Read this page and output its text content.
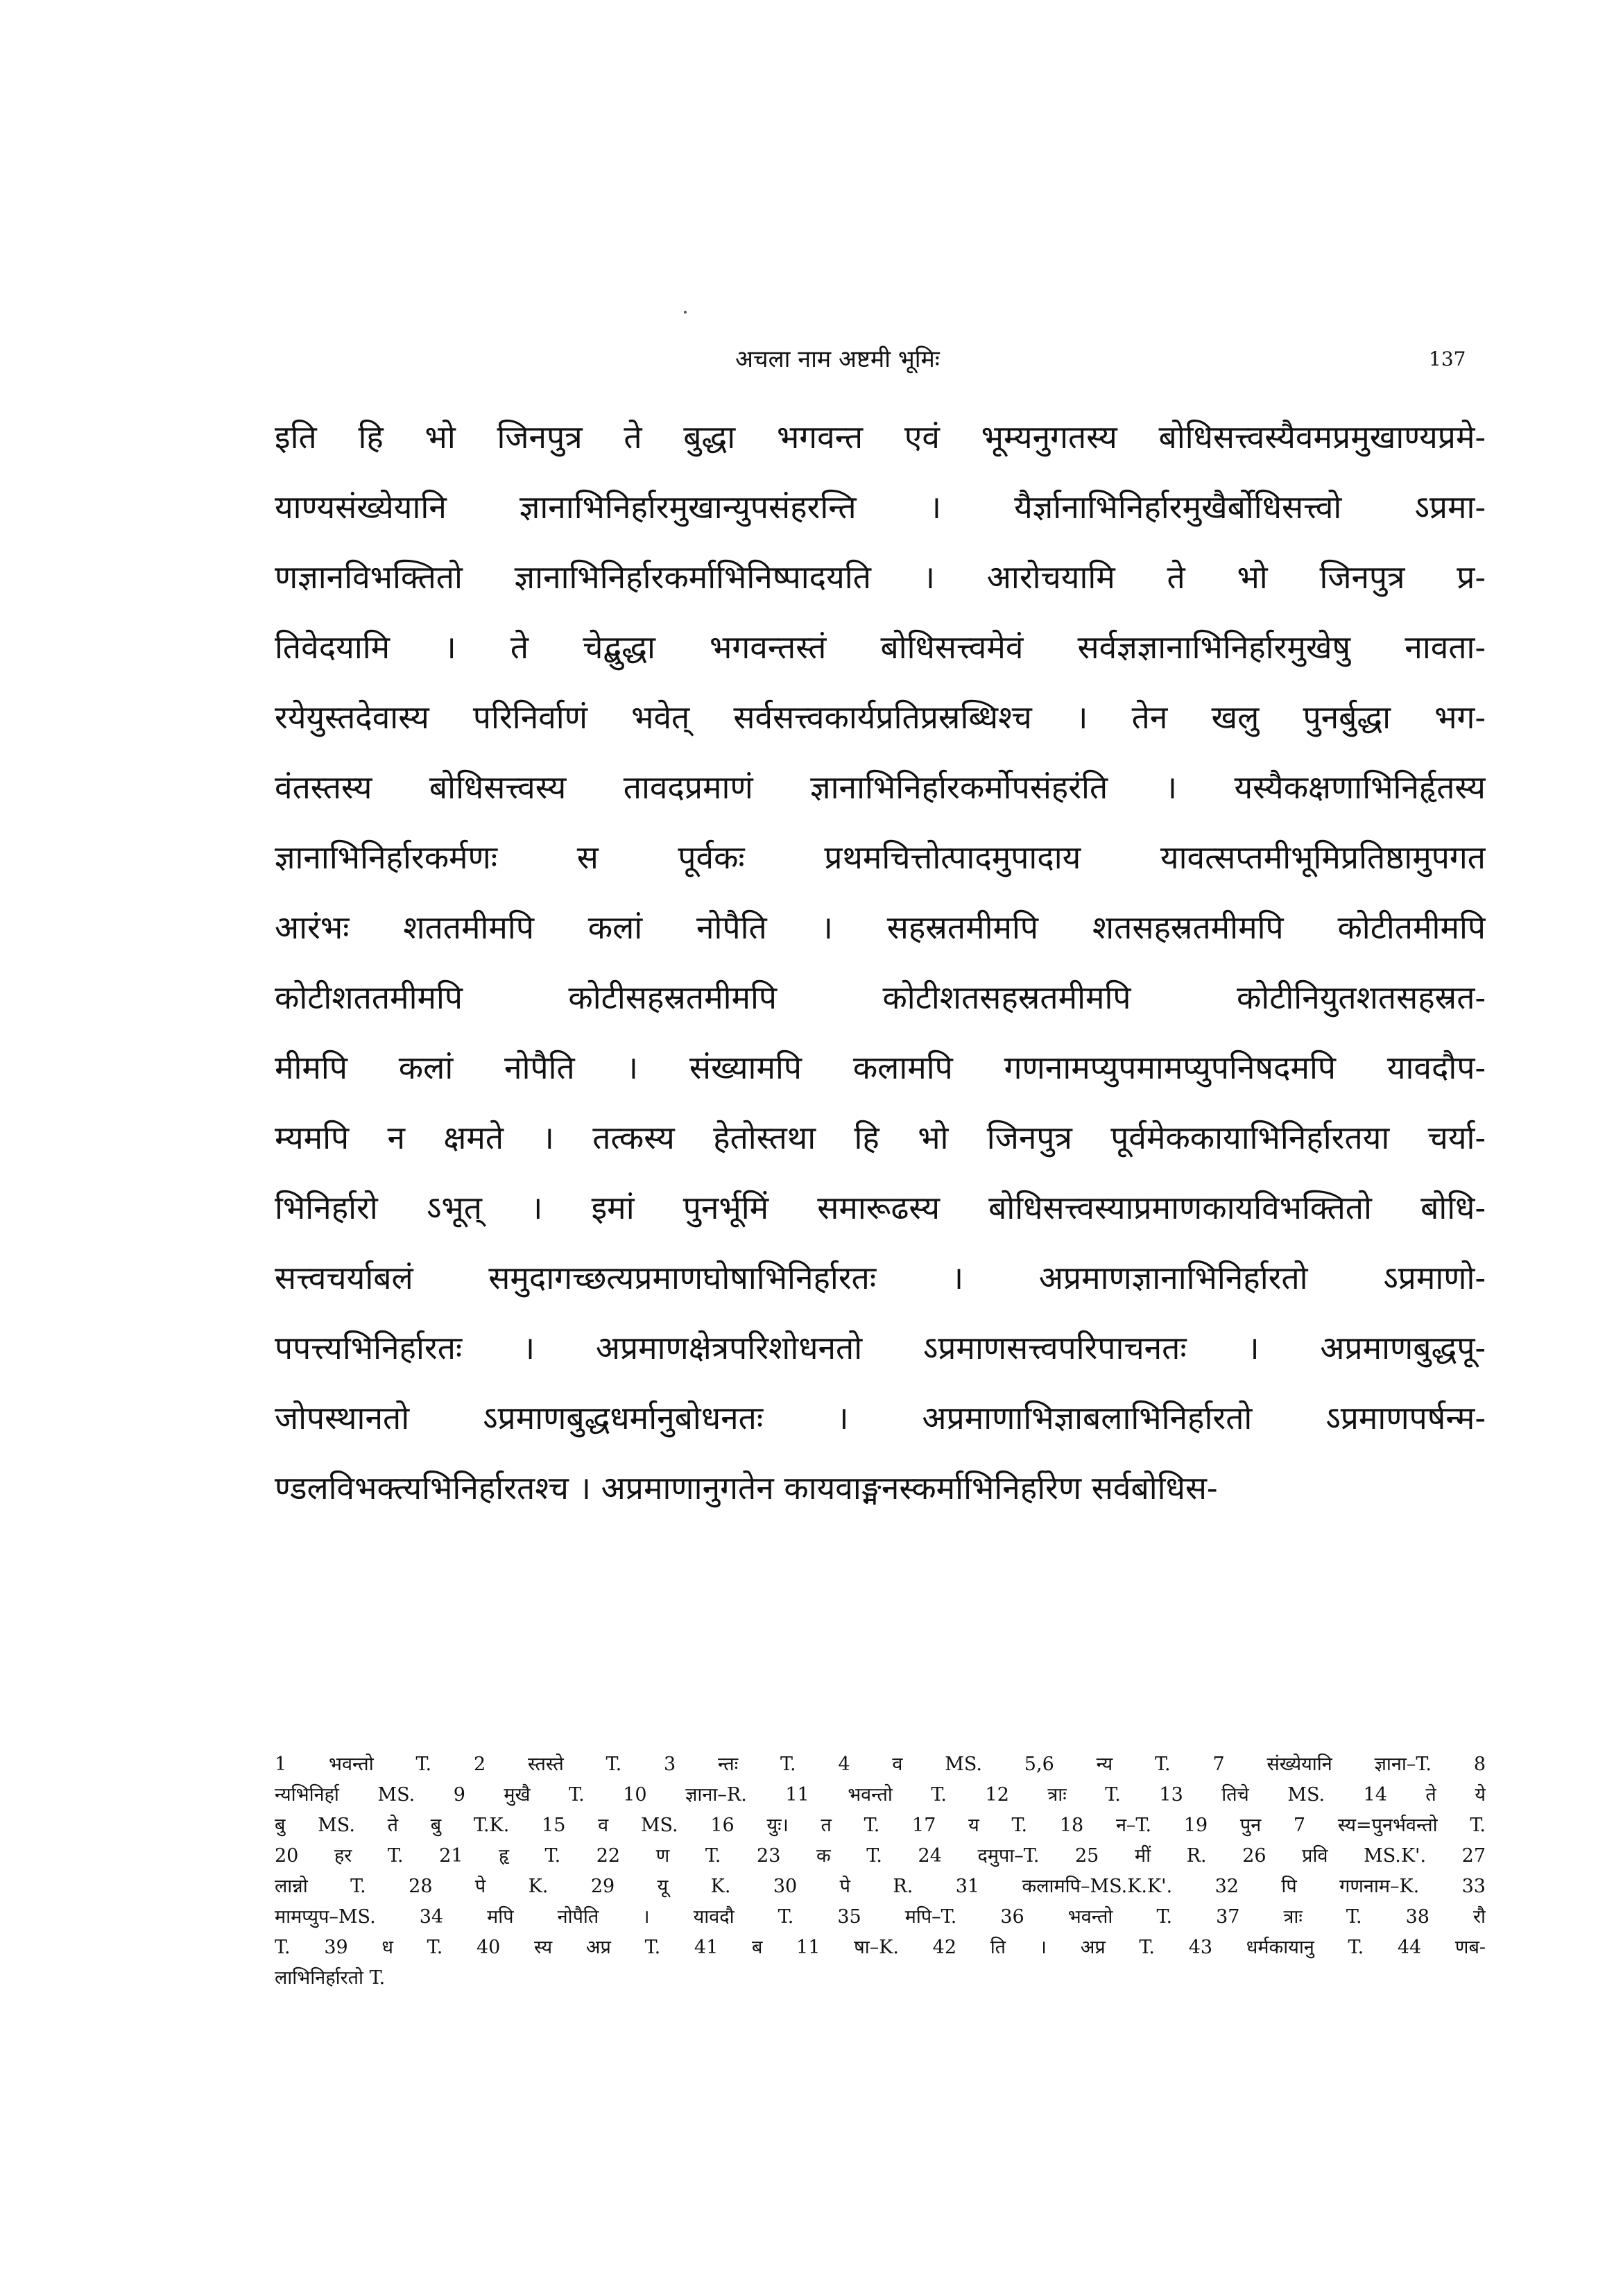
अचला नाम अष्टमी भूमिः	137
इति हि भो जिनपुत्र ते बुद्धा भगवन्त एवं भूम्यनुगतस्य बोधिसत्त्वस्यैवमप्रमुखाण्यप्रमे-
याण्यसंख्येयानि ज्ञानाभिनिर्हारमुखान्युपसंहरन्ति । यैर्ज्ञानाभिनिर्हारमुखैर्बोधिसत्त्वो ऽप्रमा-
णज्ञानविभक्तितो ज्ञानाभिनिर्हारकर्माभिनिष्पादयति । आरोचयामि ते भो जिनपुत्र प्र-
तिवेदयामि । ते चेद्बुद्धा भगवन्तस्तं बोधिसत्त्वमेवं सर्वज्ञज्ञानाभिनिर्हारमुखेषु नावता-
रयेयुस्तदेवास्य परिनिर्वाणं भवेत् सर्वसत्त्वकार्यप्रतिप्रस्रब्धिश्च । तेन खलु पुनर्बुद्धा भग-
वंतस्तस्य बोधिसत्त्वस्य तावदप्रमाणं ज्ञानाभिनिर्हारकर्मोपसंहरंति । यस्यैकक्षणाभिनिर्हृतस्य
ज्ञानाभिनिर्हारकर्मणः स पूर्वकः प्रथमचित्तोत्पादमुपादाय यावत्सप्तमीभूमिप्रतिष्ठामुपगत
आरंभः शततमीमपि कलां नोपैति । सहस्रतमीमपि शतसहस्रतमीमपि कोटीतमीमपि
कोटीशततमीमपि कोटीसहस्रतमीमपि कोटीशतसहस्रतमीमपि कोटीनियुतशतसहस्रत-
मीमपि कलां नोपैति । संख्यामपि कलामपि गणनामप्युपमामप्युपनिषदमपि यावदौप-
म्यमपि न क्षमते । तत्कस्य हेतोस्तथा हि भो जिनपुत्र पूर्वमेककायाभिनिर्हारतया चर्या-
भिनिर्हारो ऽभूत् । इमां पुनर्भूमिं समारूढस्य बोधिसत्त्वस्याप्रमाणकायविभक्तितो बोधि-
सत्त्वचर्याबलं समुदागच्छत्यप्रमाणघोषाभिनिर्हारतः । अप्रमाणज्ञानाभिनिर्हारतो ऽप्रमाणो-
पपत्त्यभिनिर्हारतः । अप्रमाणक्षेत्रपरिशोधनतो ऽप्रमाणसत्त्वपरिपाचनतः । अप्रमाणबुद्धपू-
जोपस्थानतो ऽप्रमाणबुद्धधर्मानुबोधनतः । अप्रमाणाभिज्ञाबलाभिनिर्हारतो ऽप्रमाणपर्षन्म-
ण्डलविभक्त्यभिनिर्हारतश्च । अप्रमाणानुगतेन कायवाङ्मनस्कर्माभिनिर्हारेण सर्वबोधिस-
1 भवन्तो T. 2 स्तस्ते T. 3 न्तः T. 4 व MS. 5,6 न्य T. 7 संख्येयानि ज्ञाना–T. 8
न्यभिनिर्हा MS. 9 मुखै T. 10 ज्ञाना–R. 11 भवन्तो T. 12 त्राः T. 13 तिचे MS. 14 ते ये
बु MS. ते बु T.K. 15 व MS. 16 युः। त T. 17 य T. 18 न–T. 19 पुन 7 स्य=पुनर्भवन्तो T.
20 हर T. 21 हृ T. 22 ण T. 23 क T. 24 दमुपा–T. 25 मीं R. 26 प्रवि MS.K'. 27
लान्नो T. 28 पे K. 29 यू K. 30 पे R. 31 कलामपि–MS.K.K'. 32 पि गणनाम–K. 33
मामप्युप–MS. 34 मपि नोपैति । यावदौ T. 35 मपि–T. 36 भवन्तो T. 37 त्राः T. 38 रौ
T. 39 ध T. 40 स्य अप्र T. 41 ब 11 षा–K. 42 ति । अप्र T. 43 धर्मकायानु T. 44 णब-
लाभिनिर्हारतो T.
